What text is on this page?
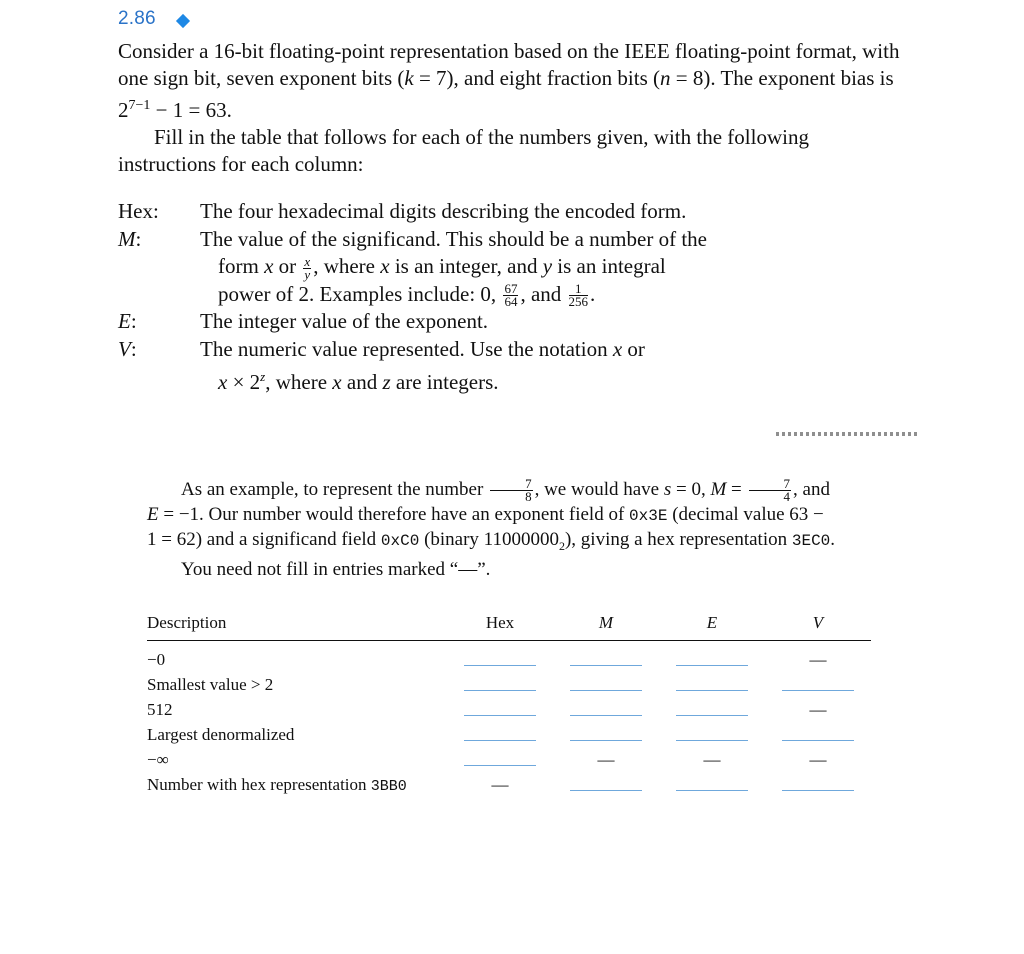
2.86

Consider a 16-bit floating-point representation based on the IEEE floating-point format, with one sign bit, seven exponent bits (k = 7), and eight fraction bits (n = 8). The exponent bias is $2^{7-1} - 1 = 63$.

Fill in the table that follows for each of the numbers given, with the following instructions for each column:

Hex: The four hexadecimal digits describing the encoded form.
M:	The value of the significand. This should be a number of the
form x or $\frac{x}{y}$ , where x is an integer, and y is an integral
power of 2. Examples include: 0, $\frac{67}{64}$ , and $\frac{1}{256}$ .
E:	The integer value of the exponent.
V:	The numeric value represented. Use the notation x or
$x \times 2^z$, where x and z are integers.

As an example, to represent the number $\frac{7}{8}$ , we would have s = 0, $M = \frac{7}{4}$ , and E = −1. Our number would therefore have an exponent field of 0x3E (decimal value 63 − 1 = 62) and a significand field 0xC0 (binary $11000000_2$), giving a hex representation 3EC0.

You need not fill in entries marked “—”.

Description	Hex	M	E	V
−0				—
Smallest value > 2				
512				—
Largest denormalized				
−∞		—	—	—
Number with hex representation 3BB0	—			
